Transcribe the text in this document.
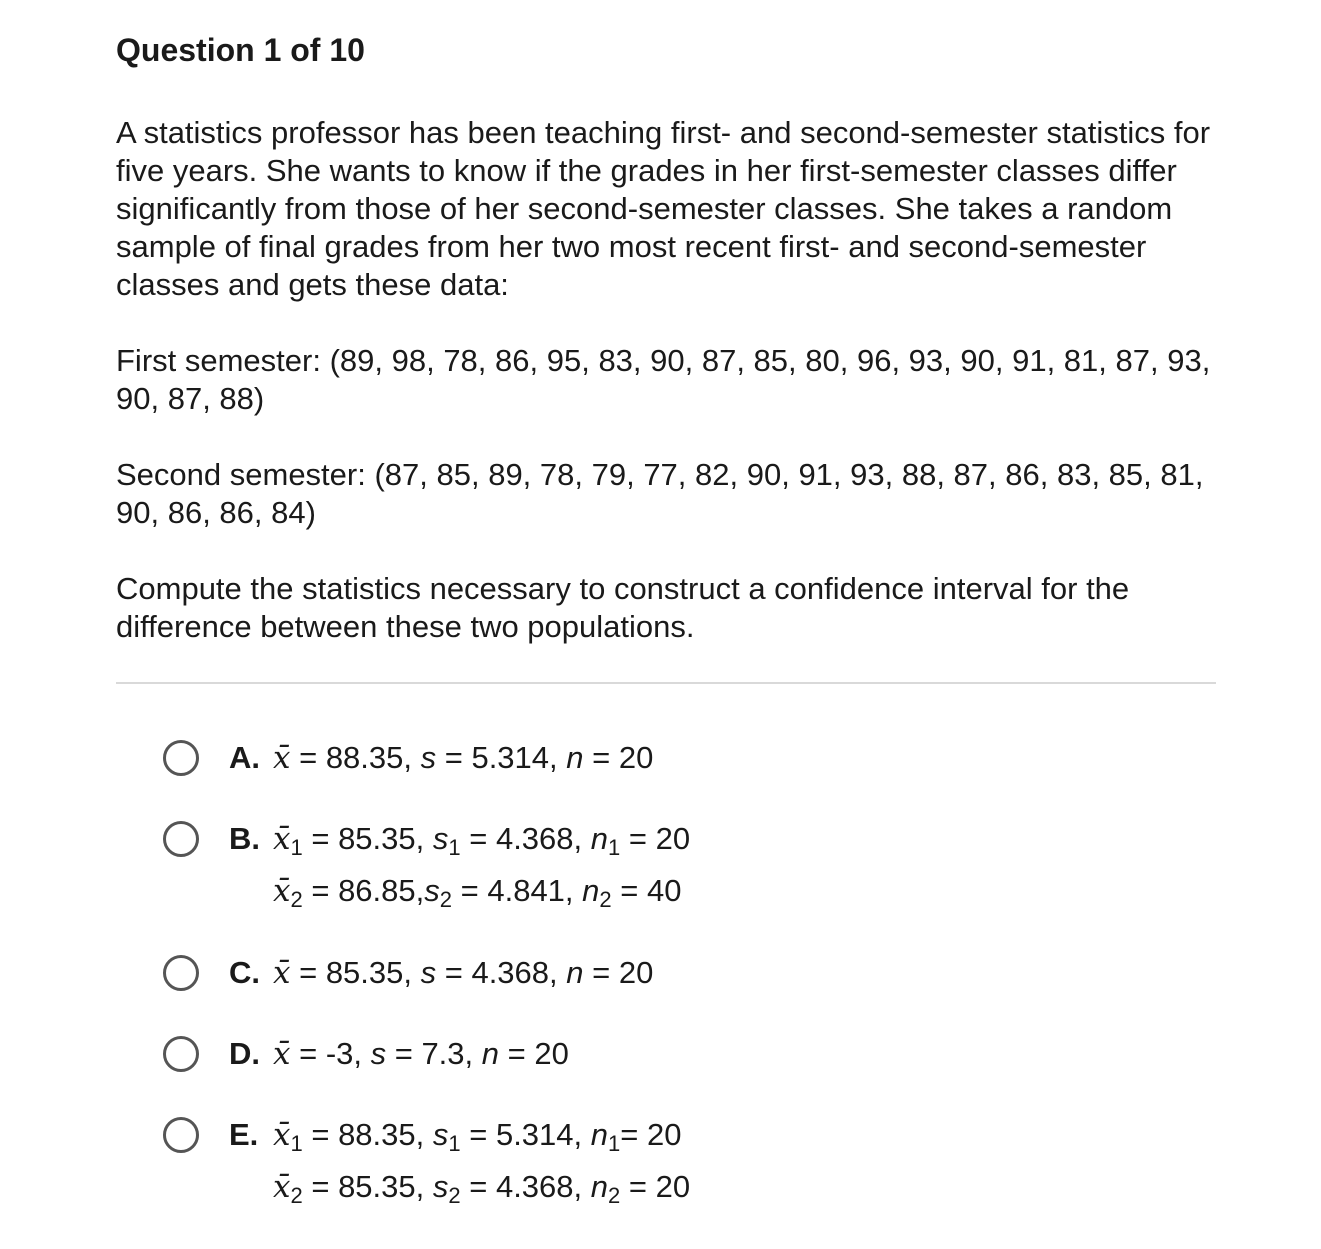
Question 1 of 10

A statistics professor has been teaching first- and second-semester statistics for five years. She wants to know if the grades in her first-semester classes differ significantly from those of her second-semester classes. She takes a random sample of final grades from her two most recent first- and second-semester classes and gets these data:

First semester: (89, 98, 78, 86, 95, 83, 90, 87, 85, 80, 96, 93, 90, 91, 81, 87, 93, 90, 87, 88)

Second semester: (87, 85, 89, 78, 79, 77, 82, 90, 91, 93, 88, 87, 86, 83, 85, 81, 90, 86, 86, 84)

Compute the statistics necessary to construct a confidence interval for the difference between these two populations.

A. x̄ = 88.35, s = 5.314, n = 20
B. $x̄_1 = 85.35$, $s_1 = 4.368$, $n_1 = 20$
$x̄_2 = 86.85,s_2 = 4.841$, $n_2 = 40$
C. x̄ = 85.35, s = 4.368, n = 20
D. x̄ = -3, s = 7.3, n = 20
E. $x̄_1 = 88.35$, $s_1 = 5.314$, $n_1= 20$
$x̄_2 = 85.35$, $s_2 = 4.368$, $n_2 = 20$
